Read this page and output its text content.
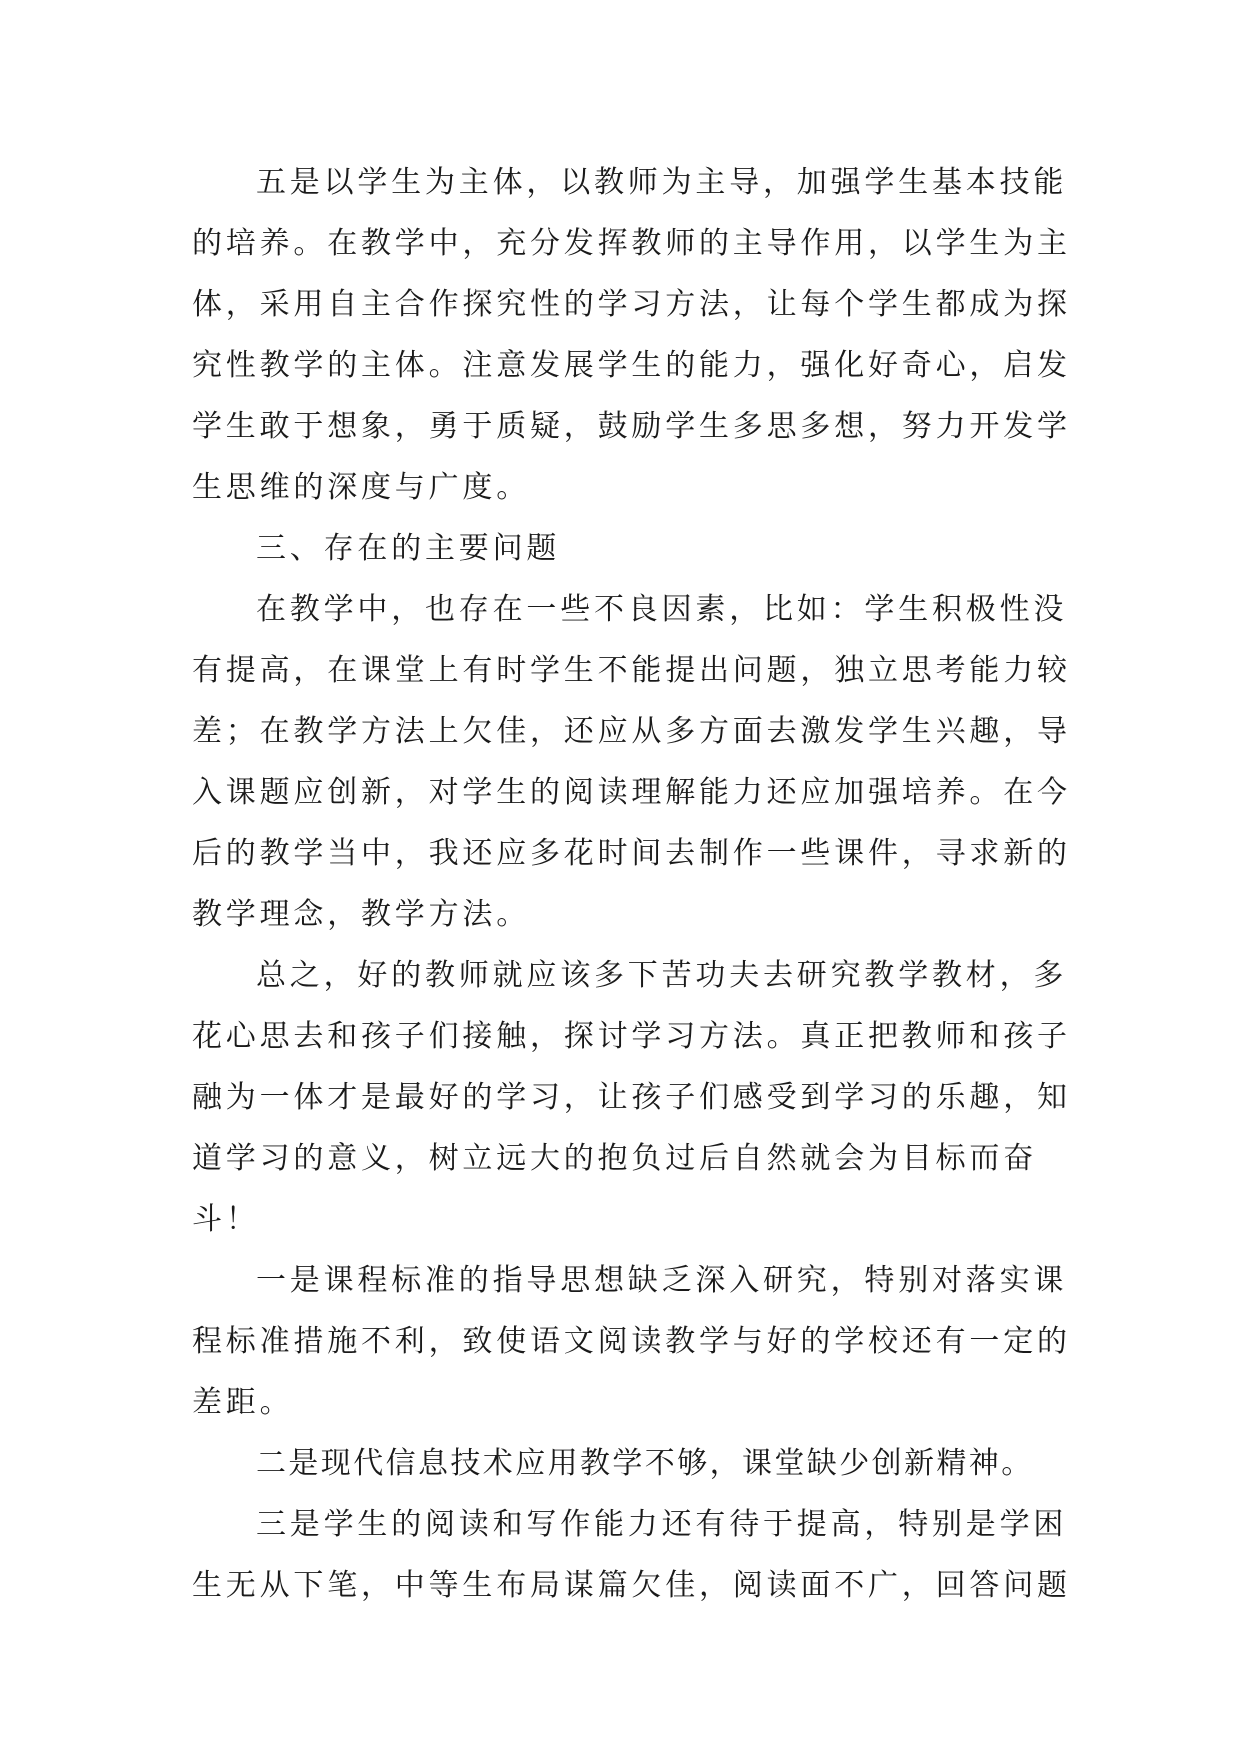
五是以学生为主体，以教师为主导，加强学生基本技能
的培养。在教学中，充分发挥教师的主导作用，以学生为主
体，采用自主合作探究性的学习方法，让每个学生都成为探
究性教学的主体。注意发展学生的能力，强化好奇心，启发
学生敢于想象，勇于质疑，鼓励学生多思多想，努力开发学
生思维的深度与广度。
三、存在的主要问题
在教学中，也存在一些不良因素，比如：学生积极性没
有提高，在课堂上有时学生不能提出问题，独立思考能力较
差；在教学方法上欠佳，还应从多方面去激发学生兴趣，导
入课题应创新，对学生的阅读理解能力还应加强培养。在今
后的教学当中，我还应多花时间去制作一些课件，寻求新的
教学理念，教学方法。
总之，好的教师就应该多下苦功夫去研究教学教材，多
花心思去和孩子们接触，探讨学习方法。真正把教师和孩子
融为一体才是最好的学习，让孩子们感受到学习的乐趣，知
道学习的意义，树立远大的抱负过后自然就会为目标而奋
斗！
一是课程标准的指导思想缺乏深入研究，特别对落实课
程标准措施不利，致使语文阅读教学与好的学校还有一定的
差距。
二是现代信息技术应用教学不够，课堂缺少创新精神。
三是学生的阅读和写作能力还有待于提高，特别是学困
生无从下笔，中等生布局谋篇欠佳，阅读面不广，回答问题
